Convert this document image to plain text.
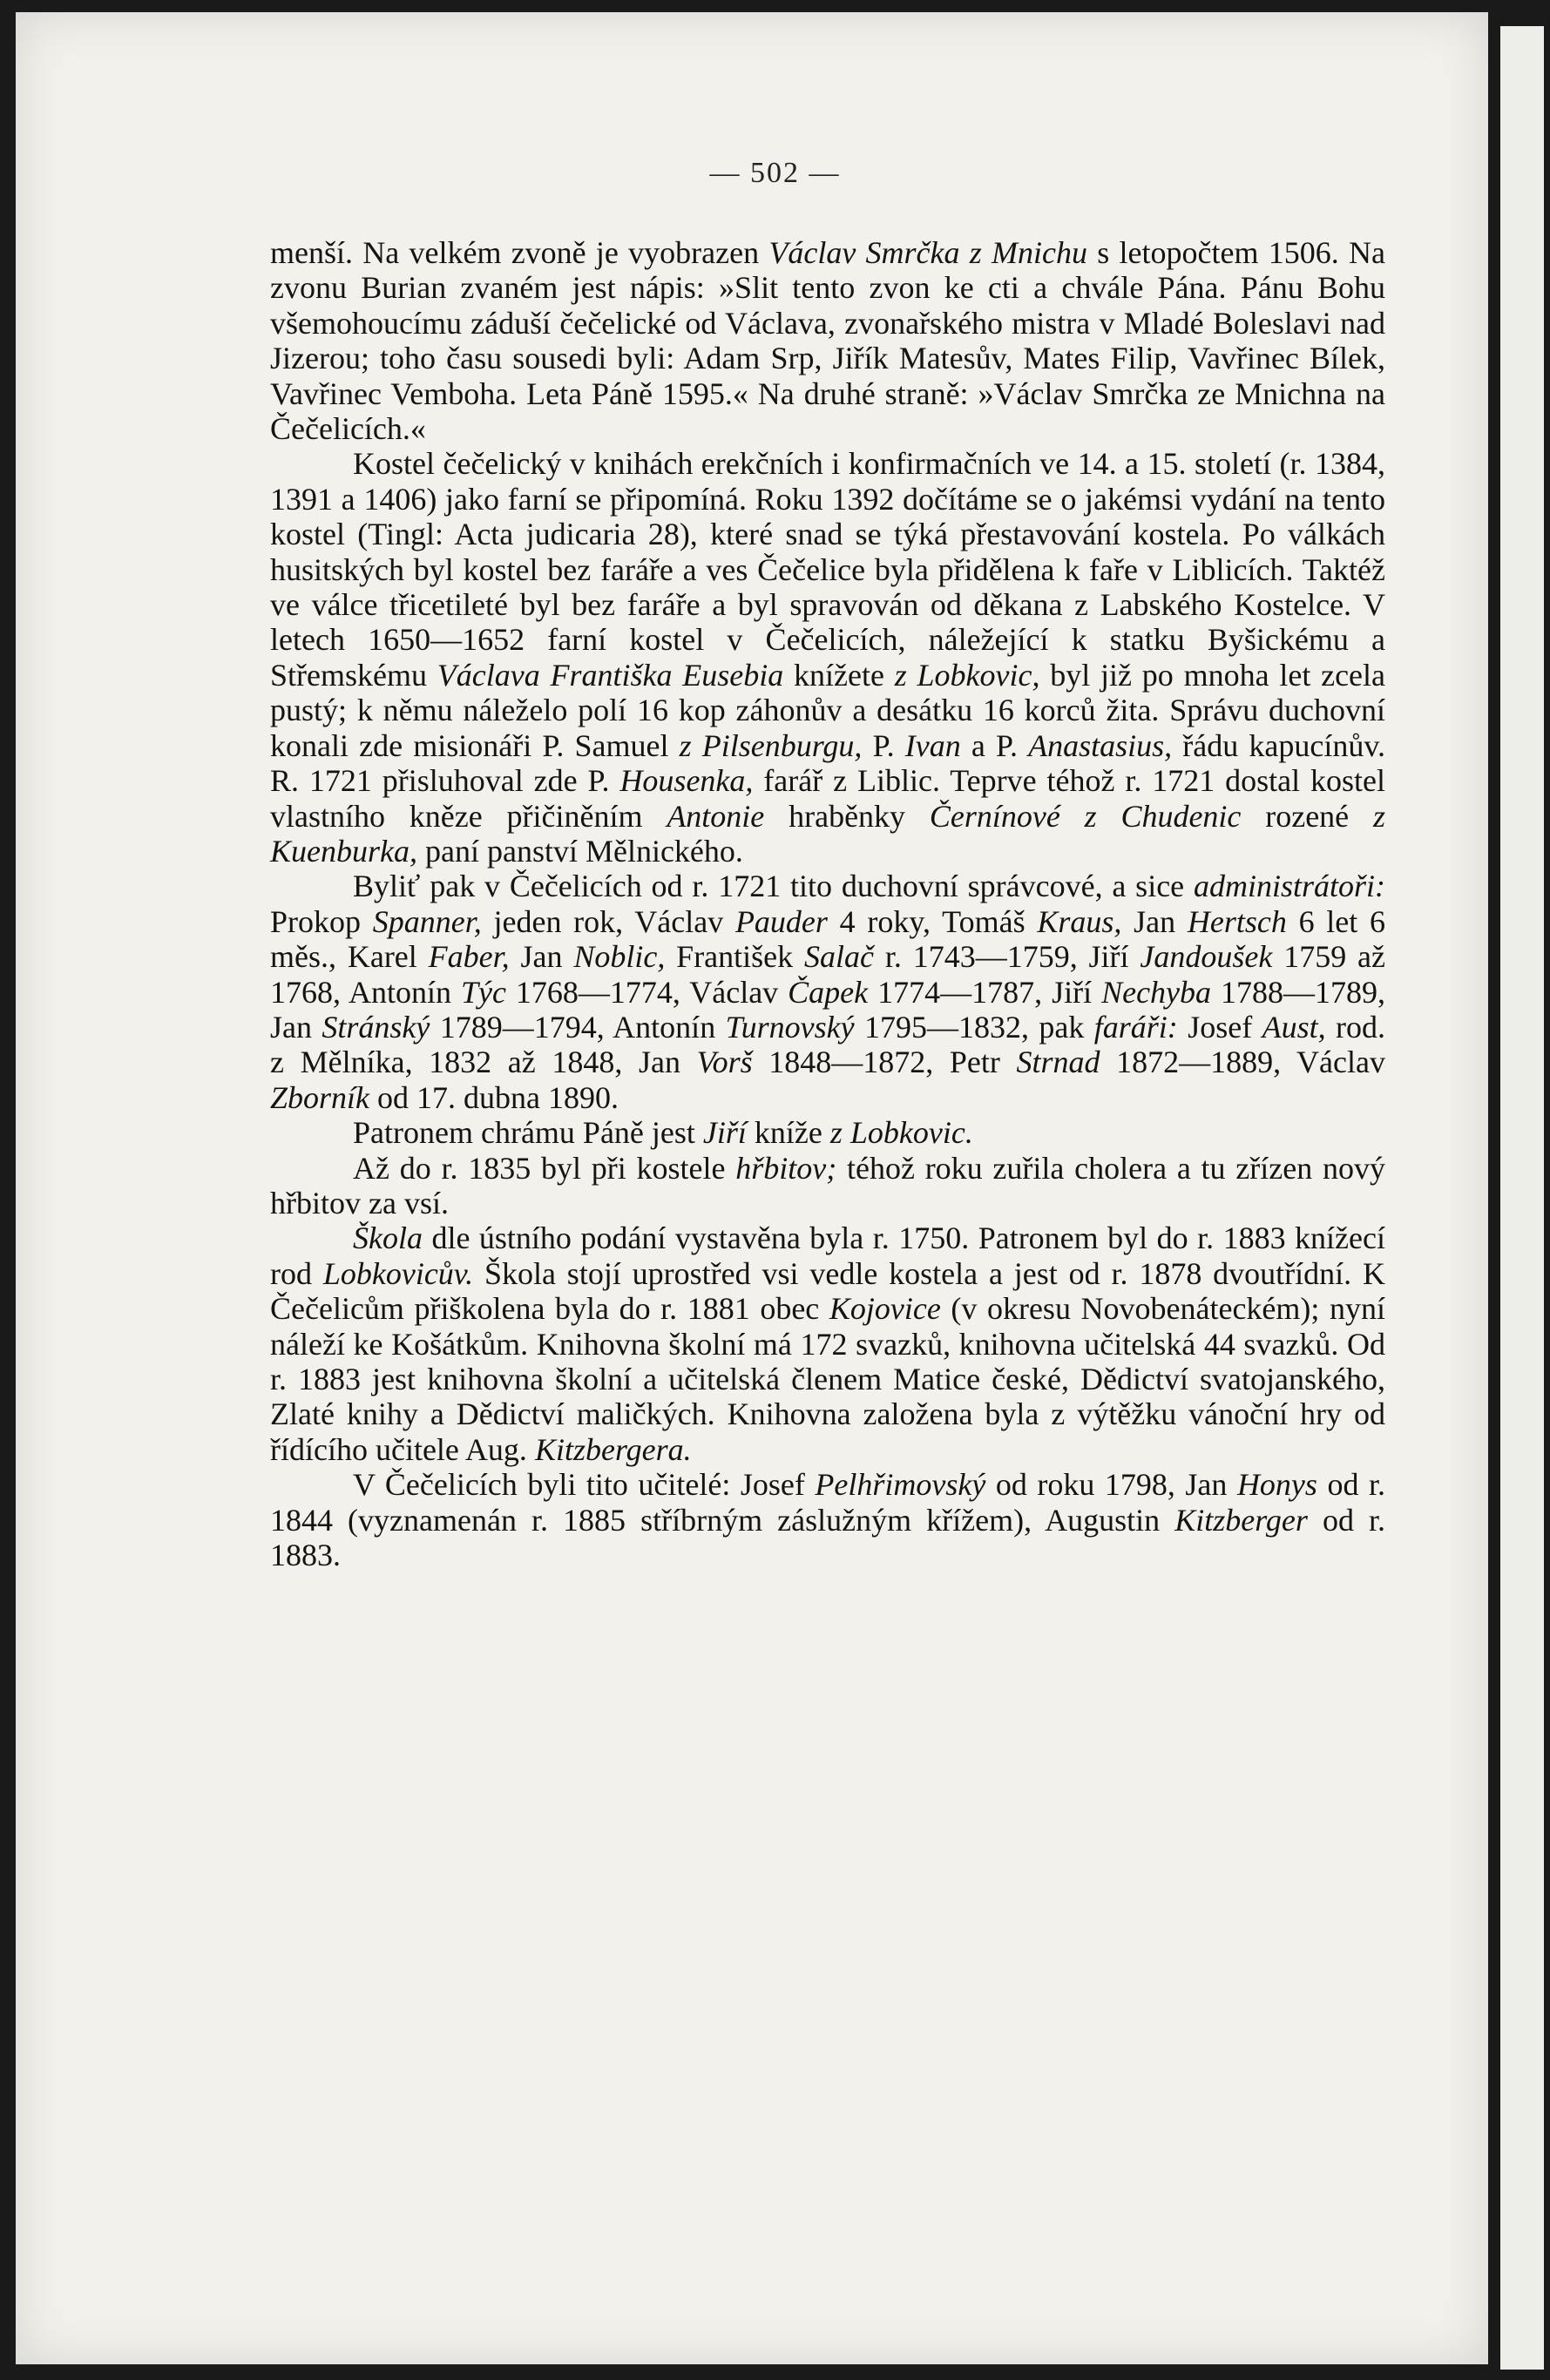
— 502 —

menší. Na velkém zvoně je vyobrazen Václav Smrčka z Mnichu s letopočtem 1506. Na zvonu Burian zvaném jest nápis: »Slit tento zvon ke cti a chvále Pána. Pánu Bohu všemohoucímu záduší čečelické od Václava, zvonařského mistra v Mladé Boleslavi nad Jizerou; toho času sousedi byli: Adam Srp, Jiřík Matesův, Mates Filip, Vavřinec Bílek, Vavřinec Vemboha. Leta Páně 1595.« Na druhé straně: »Václav Smrčka ze Mnichna na Čečelicích.«

Kostel čečelický v knihách erekčních i konfirmačních ve 14. a 15. století (r. 1384, 1391 a 1406) jako farní se připomíná. Roku 1392 dočítáme se o jakémsi vydání na tento kostel (Tingl: Acta judicaria 28), které snad se týká přestavování kostela. Po válkách husitských byl kostel bez faráře a ves Čečelice byla přidělena k faře v Liblicích. Taktéž ve válce třicetileté byl bez faráře a byl spravován od děkana z Labského Kostelce. V letech 1650—1652 farní kostel v Čečelicích, náležející k statku Byšickému a Střemskému Václava Františka Eusebia knížete z Lobkovic, byl již po mnoha let zcela pustý; k němu náleželo polí 16 kop záhonův a desátku 16 korců žita. Správu duchovní konali zde misionáři P. Samuel z Pilsenburgu, P. Ivan a P. Anastasius, řádu kapucínův. R. 1721 přisluhoval zde P. Housenka, farář z Liblic. Teprve téhož r. 1721 dostal kostel vlastního kněze přičiněním Antonie hraběnky Černínové z Chudenic rozené z Kuenburka, paní panství Mělnického.

Byliť pak v Čečelicích od r. 1721 tito duchovní správcové, a sice administrátoři: Prokop Spanner, jeden rok, Václav Pauder 4 roky, Tomáš Kraus, Jan Hertsch 6 let 6 měs., Karel Faber, Jan Noblic, František Salač r. 1743—1759, Jiří Jandoušek 1759 až 1768, Antonín Týc 1768—1774, Václav Čapek 1774—1787, Jiří Nechyba 1788—1789, Jan Stránský 1789—1794, Antonín Turnovský 1795—1832, pak faráři: Josef Aust, rod. z Mělníka, 1832 až 1848, Jan Vorš 1848—1872, Petr Strnad 1872—1889, Václav Zborník od 17. dubna 1890.

Patronem chrámu Páně jest Jiří kníže z Lobkovic.

Až do r. 1835 byl při kostele hřbitov; téhož roku zuřila cholera a tu zřízen nový hřbitov za vsí.

Škola dle ústního podání vystavěna byla r. 1750. Patronem byl do r. 1883 knížecí rod Lobkovicův. Škola stojí uprostřed vsi vedle kostela a jest od r. 1878 dvoutřídní. K Čečelicům přiškolena byla do r. 1881 obec Kojovice (v okresu Novobenáteckém); nyní náleží ke Košátkům. Knihovna školní má 172 svazků, knihovna učitelská 44 svazků. Od r. 1883 jest knihovna školní a učitelská členem Matice české, Dědictví svatojanského, Zlaté knihy a Dědictví maličkých. Knihovna založena byla z výtěžku vánoční hry od řídícího učitele Aug. Kitzbergera.

V Čečelicích byli tito učitelé: Josef Pelhřimovský od roku 1798, Jan Honys od r. 1844 (vyznamenán r. 1885 stříbrným záslužným křížem), Augustin Kitzberger od r. 1883.
